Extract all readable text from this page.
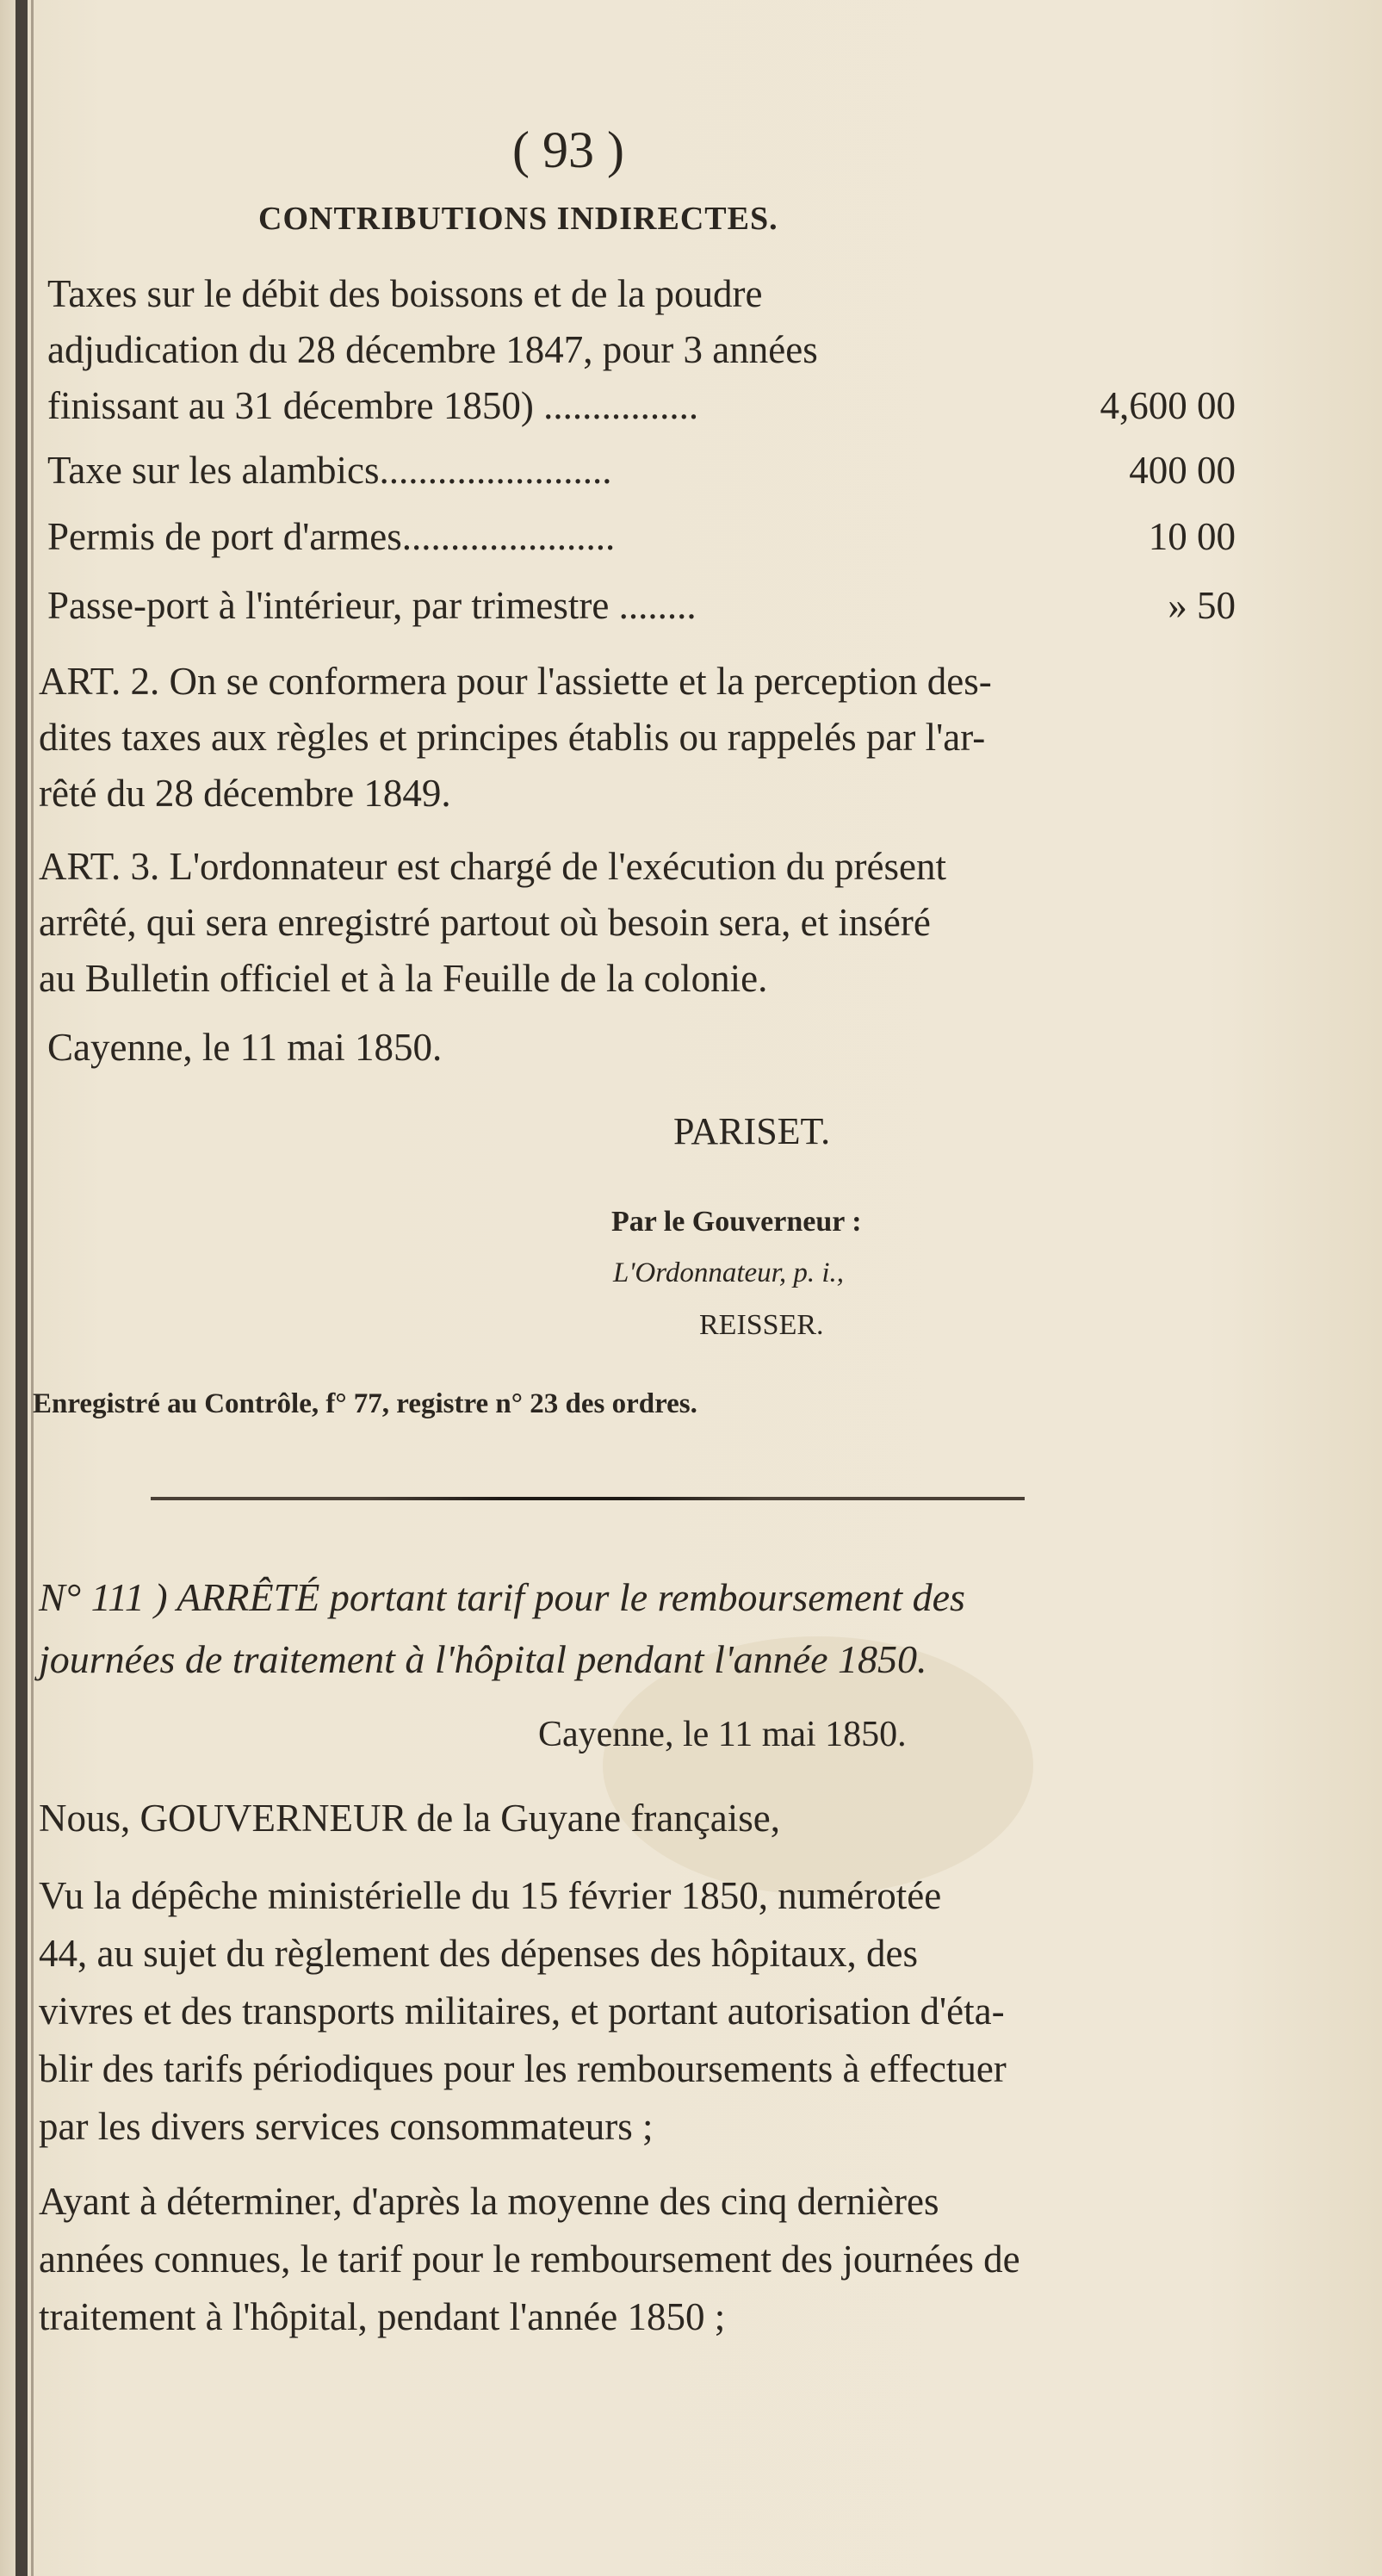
( 93 )
CONTRIBUTIONS INDIRECTES.
Taxes sur le débit des boissons et de la poudre
adjudication du 28 décembre 1847, pour 3 années
finissant au 31 décembre 1850) ................	4,600 00
Taxe sur les alambics........................	400 00
Permis de port d'armes......................	10 00
Passe-port à l'intérieur, par trimestre ........	» 50
ART. 2. On se conformera pour l'assiette et la perception des-
dites taxes aux règles et principes établis ou rappelés par l'ar-
rêté du 28 décembre 1849.
ART. 3. L'ordonnateur est chargé de l'exécution du présent
arrêté, qui sera enregistré partout où besoin sera, et inséré
au Bulletin officiel et à la Feuille de la colonie.
Cayenne, le 11 mai 1850.
PARISET.
Par le Gouverneur :
L'Ordonnateur, p. i.,
REISSER.
Enregistré au Contrôle, f° 77, registre n° 23 des ordres.
N° 111 ) ARRÊTÉ portant tarif pour le remboursement des
journées de traitement à l'hôpital pendant l'année 1850.
Cayenne, le 11 mai 1850.
Nous, GOUVERNEUR de la Guyane française,
Vu la dépêche ministérielle du 15 février 1850, numérotée
44, au sujet du règlement des dépenses des hôpitaux, des
vivres et des transports militaires, et portant autorisation d'éta-
blir des tarifs périodiques pour les remboursements à effectuer
par les divers services consommateurs ;
Ayant à déterminer, d'après la moyenne des cinq dernières
années connues, le tarif pour le remboursement des journées de
traitement à l'hôpital, pendant l'année 1850 ;
